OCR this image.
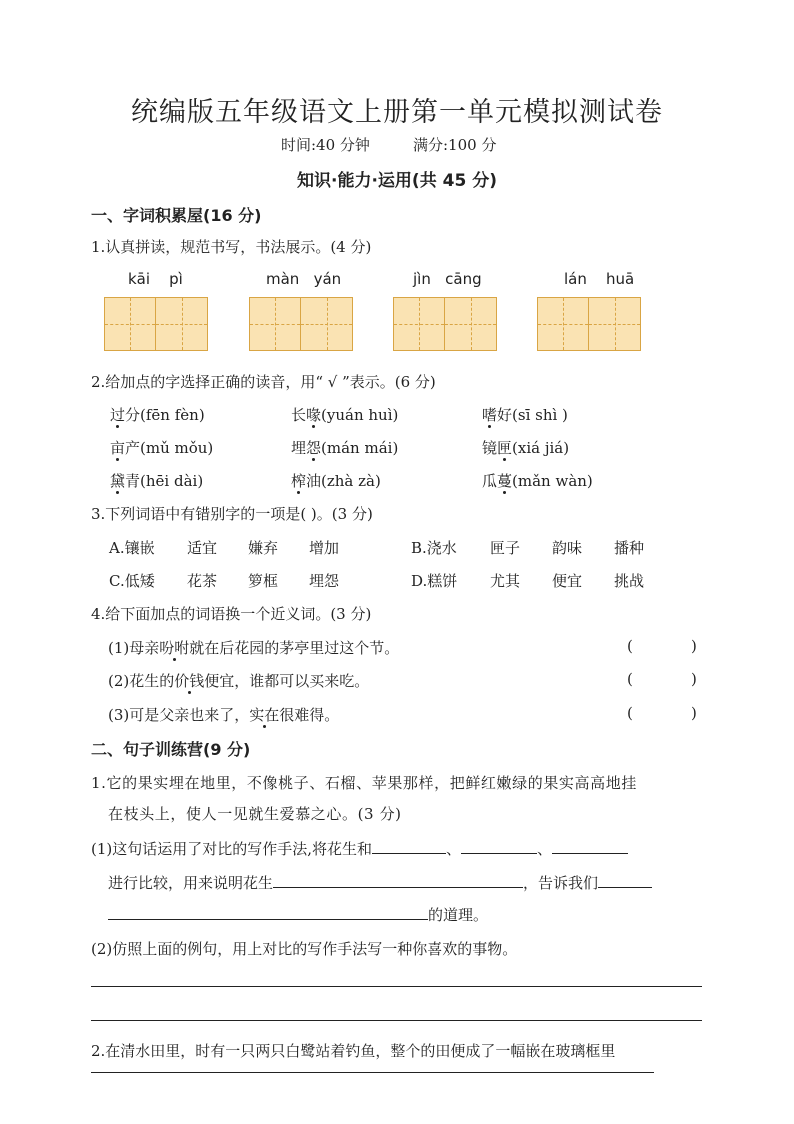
统编版五年级语文上册第一单元模拟测试卷
时间:40 分钟	满分:100 分
知识·能力·运用(共 45 分)
一、字词积累屋(16 分)
1.认真拼读，规范书写，书法展示。(4 分)
kāi    pì	màn   yán	jìn   cāng	lán    huā
2.给加点的字选择正确的读音，用“ √ ”表示。(6 分)
过分(fēn fèn)	长喙(yuán huì)	嗜好(sī shì )
亩产(mǔ mǒu)	埋怨(mán mái)	镜匣(xiá jiá)
黛青(hēi dài)	榨油(zhà zà)	瓜蔓(mǎn wàn)
3.下列词语中有错别字的一项是( )。(3 分)
A.镶嵌 适宜 嫌弃 增加	B.浇水 匣子 韵味 播种
C.低矮 花茶 箩框 埋怨	D.糕饼 尤其 便宜 挑战
4.给下面加点的词语换一个近义词。(3 分)
(1)母亲吩咐就在后花园的茅亭里过这个节。	(	)
(2)花生的价钱便宜，谁都可以买来吃。	(	)
(3)可是父亲也来了，实在很难得。	(	)
二、句子训练营(9 分)
1.它的果实埋在地里，不像桃子、石榴、苹果那样，把鲜红嫩绿的果实高高地挂
在枝头上，使人一见就生爱慕之心。(3 分)
(1)这句话运用了对比的写作手法,将花生和	、	、
进行比较，用来说明花生	，告诉我们
的道理。
(2)仿照上面的例句，用上对比的写作手法写一种你喜欢的事物。
2.在清水田里，时有一只两只白鹭站着钓鱼，整个的田便成了一幅嵌在玻璃框里
